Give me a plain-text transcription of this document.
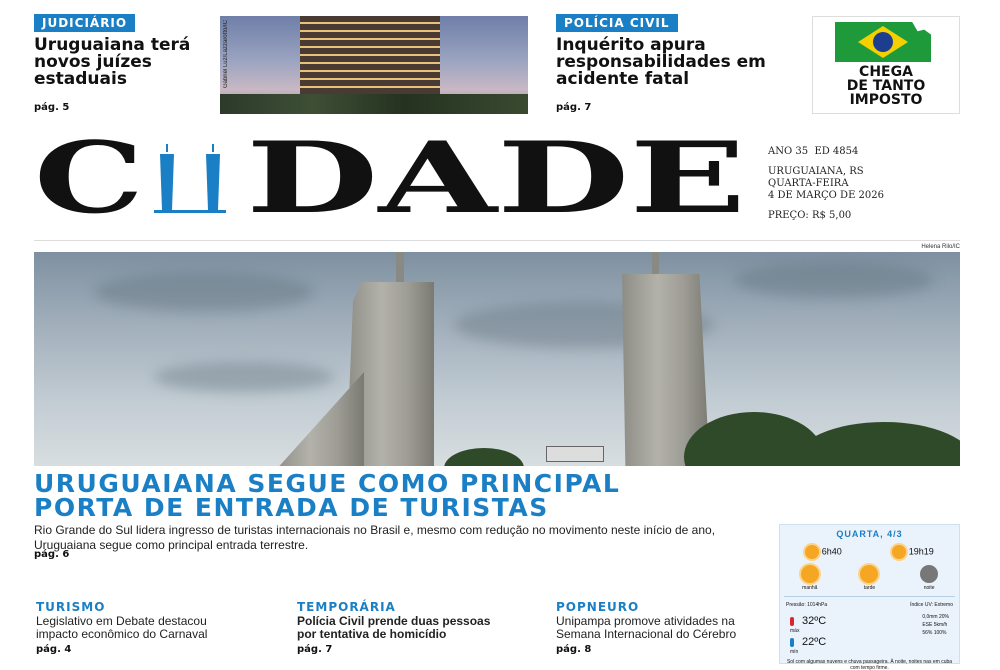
JUDICIÁRIO
Uruguaiana terá novos juízes estaduais
pág. 5
Gabriel Luz/Lazzarotto/IC	POLÍCIA CIVIL
Inquérito apura responsabilidades em acidente fatal
pág. 7
CHEGA
DE TANTO
IMPOSTO
C DADE ANO 35 ED 4854
URUGUAIANA, RS
QUARTA-FEIRA
4 DE MARÇO DE 2026
PREÇO: R$ 5,00
Helena Rilo/IC
URUGUAIANA SEGUE COMO PRINCIPAL
PORTA DE ENTRADA DE TURISTAS
Rio Grande do Sul lidera ingresso de turistas internacionais no Brasil e, mesmo com redução no movimento neste início de ano, Uruguaiana segue como principal entrada terrestre.
pág. 6
TURISMO
Legislativo em Debate destacou impacto econômico do Carnaval
pág. 4
TEMPORÁRIA
Polícia Civil prende duas pessoas por tentativa de homicídio
pág. 7
POPNEURO
Unipampa promove atividades na Semana Internacional do Cérebro
pág. 8
QUARTA, 4/3
6h40	19h19
manhã	tarde	noite
Pressão: 1014hPa	Índice UV: Extremo
32ºC
máx
22ºC
mín
0,0mm 20%
ESE 5km/h
56% 100%
Sol com algumas nuvens e chuva passageira. À noite, noites nas em cuba com tempo firme.
